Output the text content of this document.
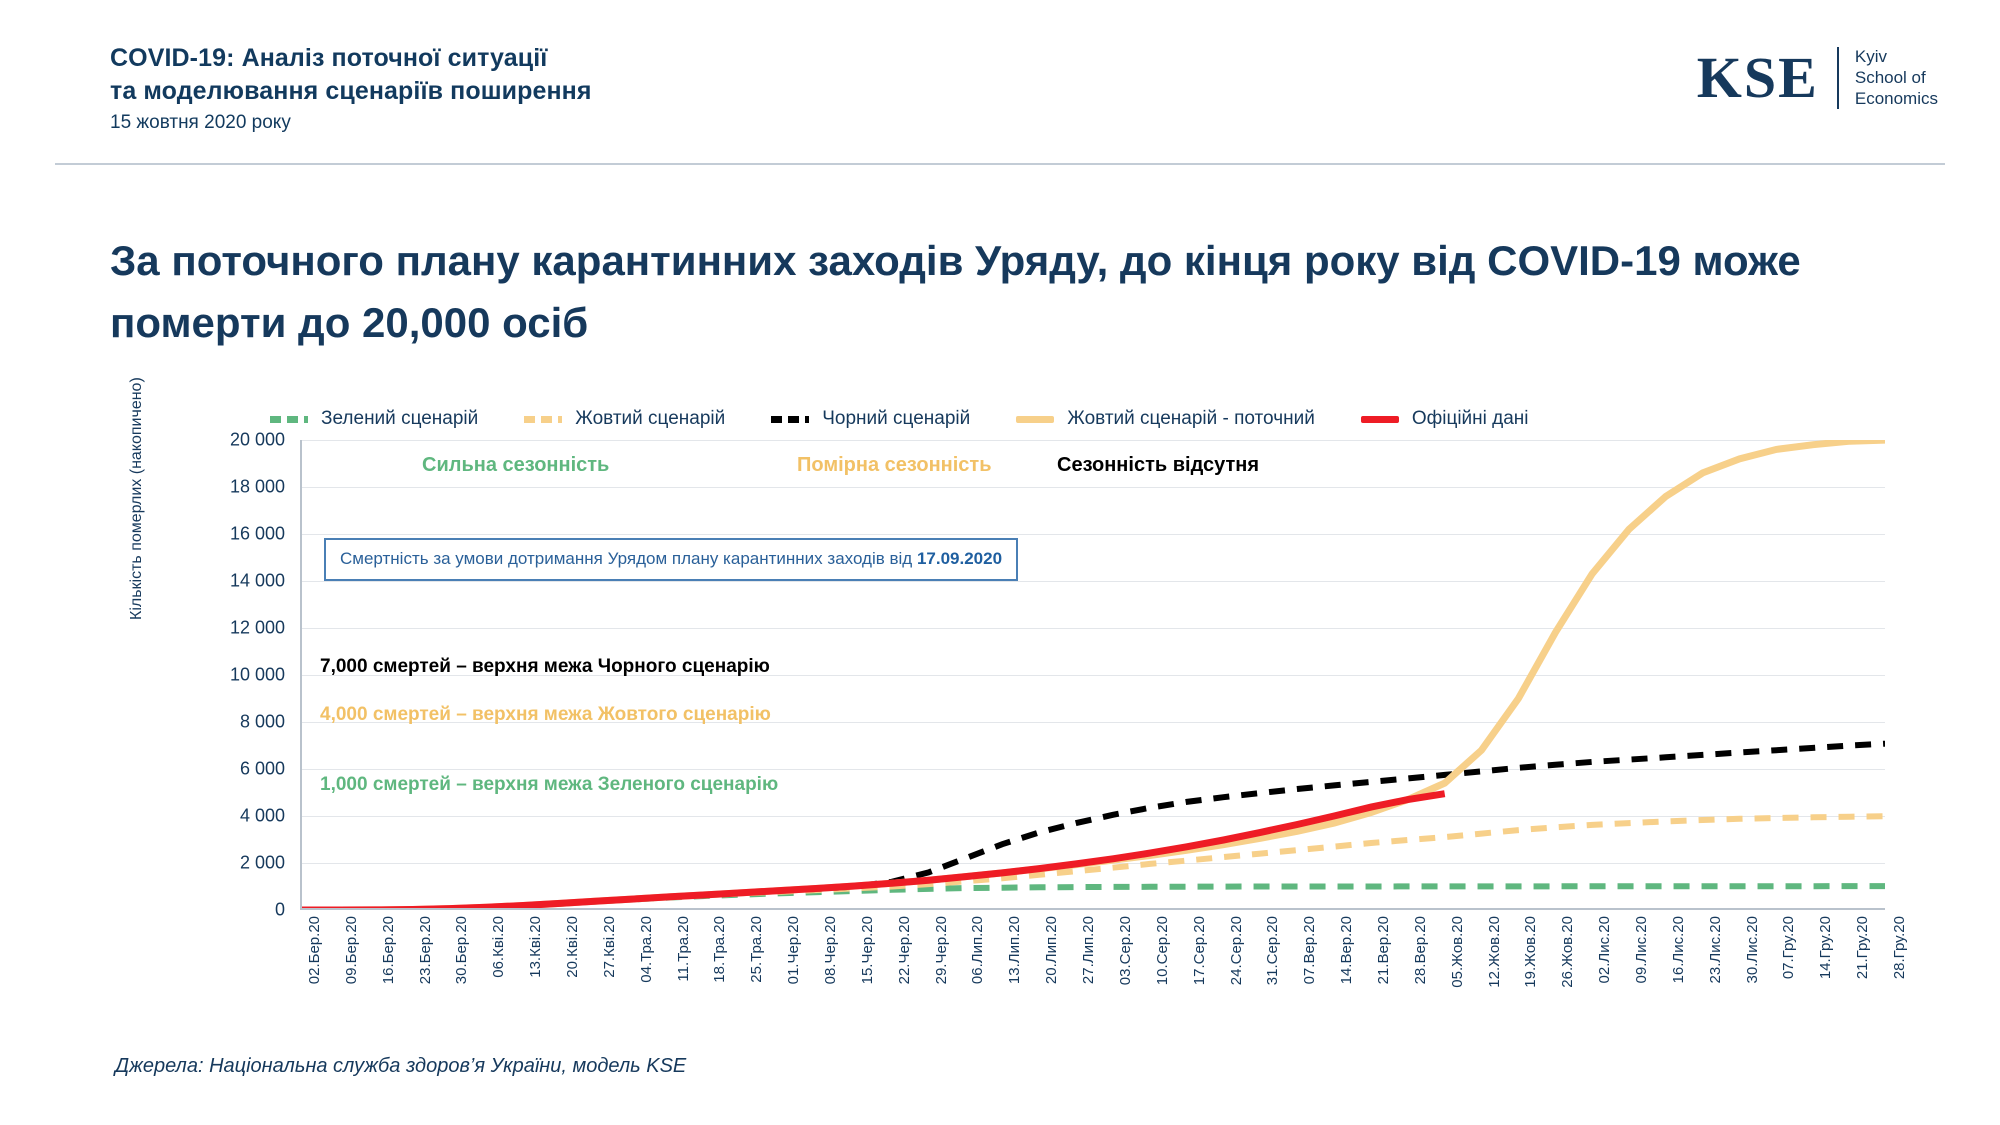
COVID-19: Аналіз поточної ситуації
та моделювання сценаріїв поширення
15 жовтня 2020 року
KSE Kyiv
School of
Economics
За поточного плану карантинних заходів Уряду, до кінця року від COVID-19 може померти до 20,000 осіб
Зелений сценарій	Жовтий сценарій	Чорний сценарій	Жовтий сценарій - поточний	Офіційні дані
Кількість померлих (накопичено)
0
2 000
4 000
6 000
8 000
10 000
12 000
14 000
16 000
18 000
20 000
Сильна сезонність	Помірна сезонність	Сезонність відсутня
7,000 смертей – верхня межа Чорного сценарію
4,000 смертей – верхня межа Жовтого сценарію
1,000 смертей – верхня межа Зеленого сценарію
Смертність за умови дотримання Урядом плану карантинних заходів від 17.09.2020
02.Бер.20 09.Бер.20 16.Бер.20 23.Бер.20 30.Бер.20 06.Кві.20 13.Кві.20 20.Кві.20 27.Кві.20 04.Тра.20 11.Тра.20 18.Тра.20 25.Тра.20 01.Чер.20 08.Чер.20 15.Чер.20 22.Чер.20 29.Чер.20 06.Лип.20 13.Лип.20 20.Лип.20 27.Лип.20 03.Сер.20 10.Сер.20 17.Сер.20 24.Сер.20 31.Сер.20 07.Вер.20 14.Вер.20 21.Вер.20 28.Вер.20 05.Жов.20 12.Жов.20 19.Жов.20 26.Жов.20 02.Лис.20 09.Лис.20 16.Лис.20 23.Лис.20 30.Лис.20 07.Гру.20 14.Гру.20 21.Гру.20 28.Гру.20
Джерела: Національна служба здоров’я України, модель KSE
